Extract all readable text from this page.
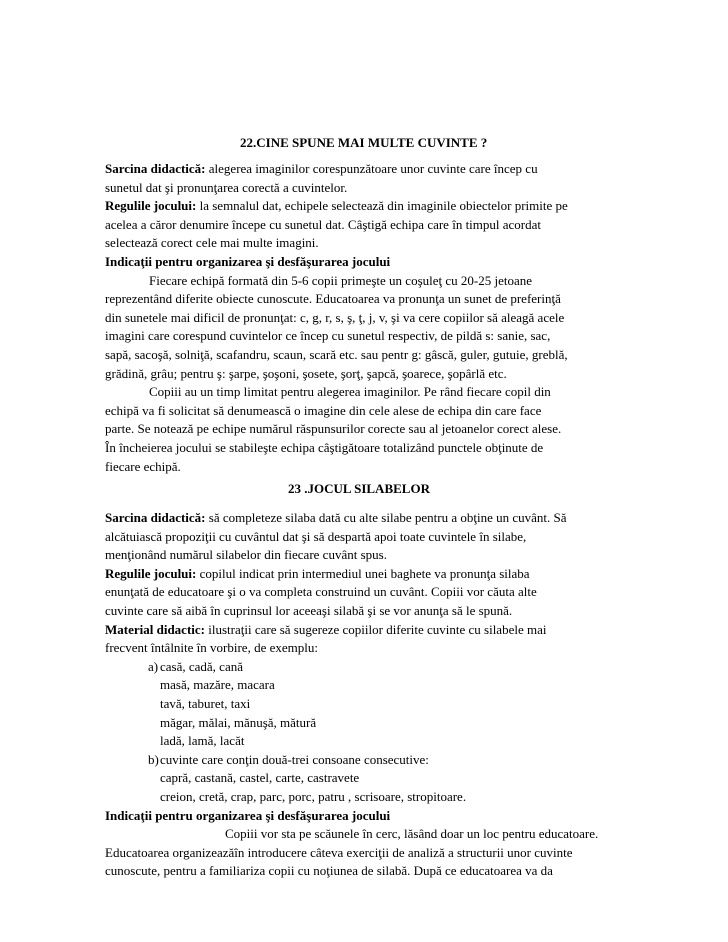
22.CINE SPUNE MAI MULTE CUVINTE ?
Sarcina didactică: alegerea imaginilor corespunzătoare unor cuvinte care încep cu
sunetul dat şi pronunţarea corectă a cuvintelor.
Regulile jocului: la semnalul dat, echipele selectează din imaginile obiectelor primite pe
acelea a căror denumire începe cu sunetul dat. Câştigă echipa care în timpul acordat
selectează corect cele mai multe imagini.
Indicaţii pentru organizarea şi desfăşurarea jocului
Fiecare echipă formată din 5-6 copii primeşte un coşuleţ cu 20-25 jetoane
reprezentând diferite obiecte cunoscute. Educatoarea va pronunţa un sunet de preferinţă
din sunetele mai dificil de pronunţat: c, g, r, s, ş, ţ, j, v, şi va cere copiilor să aleagă acele
imagini care corespund cuvintelor ce încep cu sunetul respectiv, de pildă s: sanie, sac,
sapă, sacoşă, solniţă, scafandru, scaun, scară etc. sau pentr g: gâscă, guler, gutuie, greblă,
grădină, grâu; pentru ş: şarpe, şoşoni, şosete, şorţ, şapcă, şoarece, şopârlă etc.
Copiii au un timp limitat pentru alegerea imaginilor. Pe rând fiecare copil din
echipă va fi solicitat să denumească o imagine din cele alese de echipa din care face
parte. Se notează pe echipe numărul răspunsurilor corecte sau al jetoanelor corect alese.
În încheierea jocului se stabileşte echipa câştigătoare totalizând punctele obţinute de
fiecare echipă.
23 .JOCUL SILABELOR
Sarcina didactică: să completeze silaba dată cu alte silabe pentru a obţine un cuvânt. Să
alcătuiască propoziţii cu cuvântul dat şi să despartă apoi toate cuvintele în silabe,
menţionând numărul silabelor din fiecare cuvânt spus.
Regulile jocului: copilul indicat prin intermediul unei baghete va pronunţa silaba
enunţată de educatoare şi o va completa construind un cuvânt. Copiii vor căuta alte
cuvinte care să aibă în cuprinsul lor aceeaşi silabă şi se vor anunţa să le spună.
Material didactic: ilustraţii care să sugereze copiilor diferite cuvinte cu silabele mai
frecvent întâlnite în vorbire, de exemplu:
a) casă, cadă, cană
masă, mazăre, macara
tavă, taburet, taxi
măgar, mălai, mănuşă, mătură
ladă, lamă, lacăt
b) cuvinte care conţin două-trei consoane consecutive:
capră, castană, castel, carte, castravete
creion, cretă, crap, parc, porc, patru , scrisoare, stropitoare.
Indicaţii pentru organizarea şi desfăşurarea jocului
Copiii vor sta pe scăunele în cerc, lăsând doar un loc pentru educatoare.
Educatoarea organizeazăîn introducere câteva exerciţii de analiză a structurii unor cuvinte
cunoscute, pentru a familiariza copii cu noţiunea de silabă. După ce educatoarea va da
